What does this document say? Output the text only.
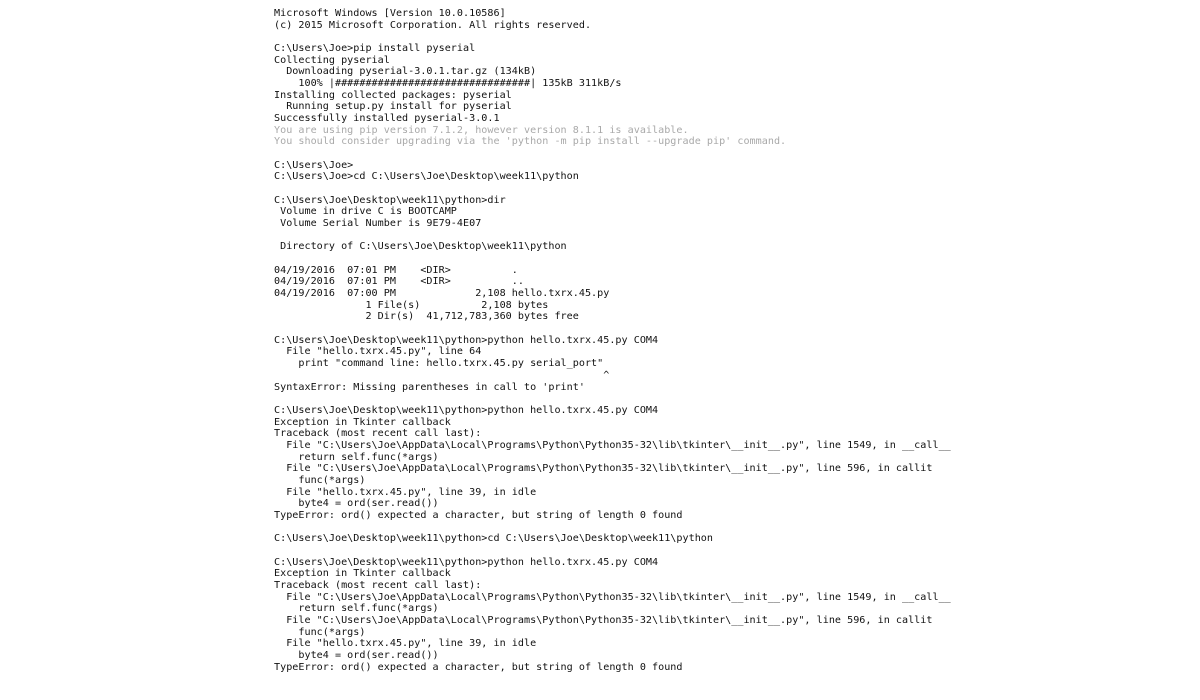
Microsoft Windows [Version 10.0.10586]
(c) 2015 Microsoft Corporation. All rights reserved.
C:\Users\Joe>pip install pyserial
Collecting pyserial
Downloading pyserial-3.0.1.tar.gz (134kB)
100% |################################| 135kB 311kB/s
Installing collected packages: pyserial
Running setup.py install for pyserial
Successfully installed pyserial-3.0.1
You are using pip version 7.1.2, however version 8.1.1 is available.
You should consider upgrading via the 'python -m pip install --upgrade pip' command.
C:\Users\Joe>
C:\Users\Joe>cd C:\Users\Joe\Desktop\week11\python
C:\Users\Joe\Desktop\week11\python>dir
Volume in drive C is BOOTCAMP
Volume Serial Number is 9E79-4E07
Directory of C:\Users\Joe\Desktop\week11\python
04/19/2016  07:01 PM    <DIR>          .
04/19/2016  07:01 PM    <DIR>          ..
04/19/2016  07:00 PM             2,108 hello.txrx.45.py
1 File(s)          2,108 bytes
2 Dir(s)  41,712,783,360 bytes free
C:\Users\Joe\Desktop\week11\python>python hello.txrx.45.py COM4
File "hello.txrx.45.py", line 64
print "command line: hello.txrx.45.py serial_port"
^
SyntaxError: Missing parentheses in call to 'print'
C:\Users\Joe\Desktop\week11\python>python hello.txrx.45.py COM4
Exception in Tkinter callback
Traceback (most recent call last):
File "C:\Users\Joe\AppData\Local\Programs\Python\Python35-32\lib\tkinter\__init__.py", line 1549, in __call__
return self.func(*args)
File "C:\Users\Joe\AppData\Local\Programs\Python\Python35-32\lib\tkinter\__init__.py", line 596, in callit
func(*args)
File "hello.txrx.45.py", line 39, in idle
byte4 = ord(ser.read())
TypeError: ord() expected a character, but string of length 0 found
C:\Users\Joe\Desktop\week11\python>cd C:\Users\Joe\Desktop\week11\python
C:\Users\Joe\Desktop\week11\python>python hello.txrx.45.py COM4
Exception in Tkinter callback
Traceback (most recent call last):
File "C:\Users\Joe\AppData\Local\Programs\Python\Python35-32\lib\tkinter\__init__.py", line 1549, in __call__
return self.func(*args)
File "C:\Users\Joe\AppData\Local\Programs\Python\Python35-32\lib\tkinter\__init__.py", line 596, in callit
func(*args)
File "hello.txrx.45.py", line 39, in idle
byte4 = ord(ser.read())
TypeError: ord() expected a character, but string of length 0 found
